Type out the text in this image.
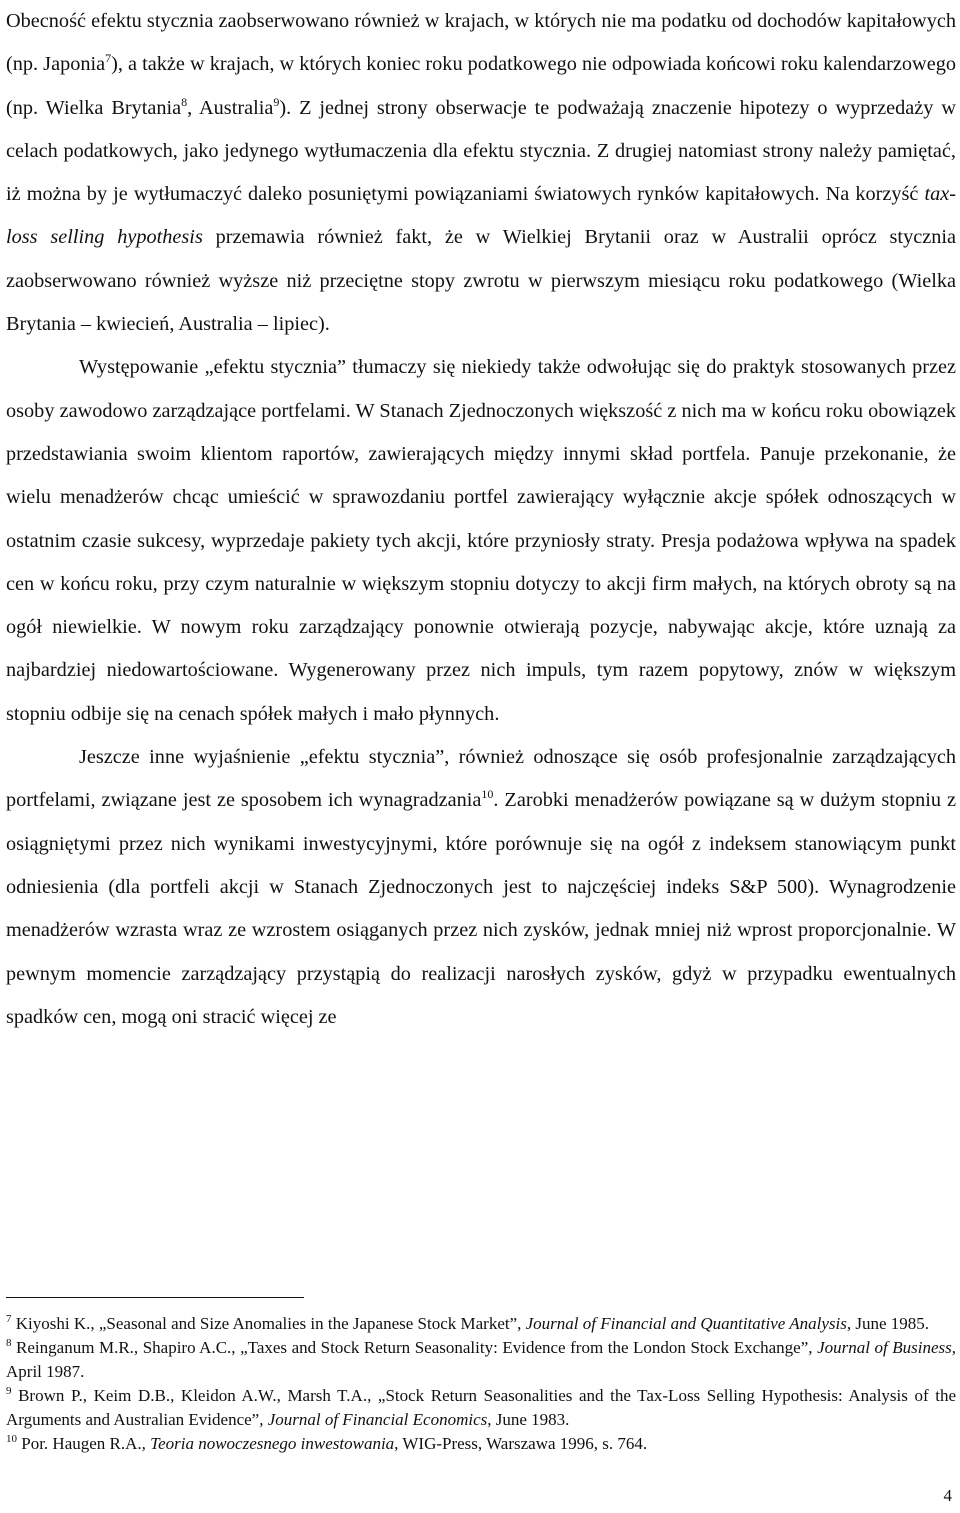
Obecność efektu stycznia zaobserwowano również w krajach, w których nie ma podatku od dochodów kapitałowych (np. Japonia$^7$), a także w krajach, w których koniec roku podatkowego nie odpowiada końcowi roku kalendarzowego (np. Wielka Brytania$^8$, Australia$^9$). Z jednej strony obserwacje te podważają znaczenie hipotezy o wyprzedaży w celach podatkowych, jako jedynego wytłumaczenia dla efektu stycznia. Z drugiej natomiast strony należy pamiętać, iż można by je wytłumaczyć daleko posuniętymi powiązaniami światowych rynków kapitałowych. Na korzyść tax-loss selling hypothesis przemawia również fakt, że w Wielkiej Brytanii oraz w Australii oprócz stycznia zaobserwowano również wyższe niż przeciętne stopy zwrotu w pierwszym miesiącu roku podatkowego (Wielka Brytania – kwiecień, Australia – lipiec).

Występowanie „efektu stycznia” tłumaczy się niekiedy także odwołując się do praktyk stosowanych przez osoby zawodowo zarządzające portfelami. W Stanach Zjednoczonych większość z nich ma w końcu roku obowiązek przedstawiania swoim klientom raportów, zawierających między innymi skład portfela. Panuje przekonanie, że wielu menadżerów chcąc umieścić w sprawozdaniu portfel zawierający wyłącznie akcje spółek odnoszących w ostatnim czasie sukcesy, wyprzedaje pakiety tych akcji, które przyniosły straty. Presja podażowa wpływa na spadek cen w końcu roku, przy czym naturalnie w większym stopniu dotyczy to akcji firm małych, na których obroty są na ogół niewielkie. W nowym roku zarządzający ponownie otwierają pozycje, nabywając akcje, które uznają za najbardziej niedowartościowane. Wygenerowany przez nich impuls, tym razem popytowy, znów w większym stopniu odbije się na cenach spółek małych i mało płynnych.

Jeszcze inne wyjaśnienie „efektu stycznia”, również odnoszące się osób profesjonalnie zarządzających portfelami, związane jest ze sposobem ich wynagradzania$^{10}$. Zarobki menadżerów powiązane są w dużym stopniu z osiągniętymi przez nich wynikami inwestycyjnymi, które porównuje się na ogół z indeksem stanowiącym punkt odniesienia (dla portfeli akcji w Stanach Zjednoczonych jest to najczęściej indeks S&P 500). Wynagrodzenie menadżerów wzrasta wraz ze wzrostem osiąganych przez nich zysków, jednak mniej niż wprost proporcjonalnie. W pewnym momencie zarządzający przystąpią do realizacji narosłych zysków, gdyż w przypadku ewentualnych spadków cen, mogą oni stracić więcej ze

$^7$ Kiyoshi K., „Seasonal and Size Anomalies in the Japanese Stock Market”, Journal of Financial and Quantitative Analysis, June 1985.

$^8$ Reinganum M.R., Shapiro A.C., „Taxes and Stock Return Seasonality: Evidence from the London Stock Exchange”, Journal of Business, April 1987.

$^9$ Brown P., Keim D.B., Kleidon A.W., Marsh T.A., „Stock Return Seasonalities and the Tax-Loss Selling Hypothesis: Analysis of the Arguments and Australian Evidence”, Journal of Financial Economics, June 1983.

$^{10}$ Por. Haugen R.A., Teoria nowoczesnego inwestowania, WIG-Press, Warszawa 1996, s. 764.

4
